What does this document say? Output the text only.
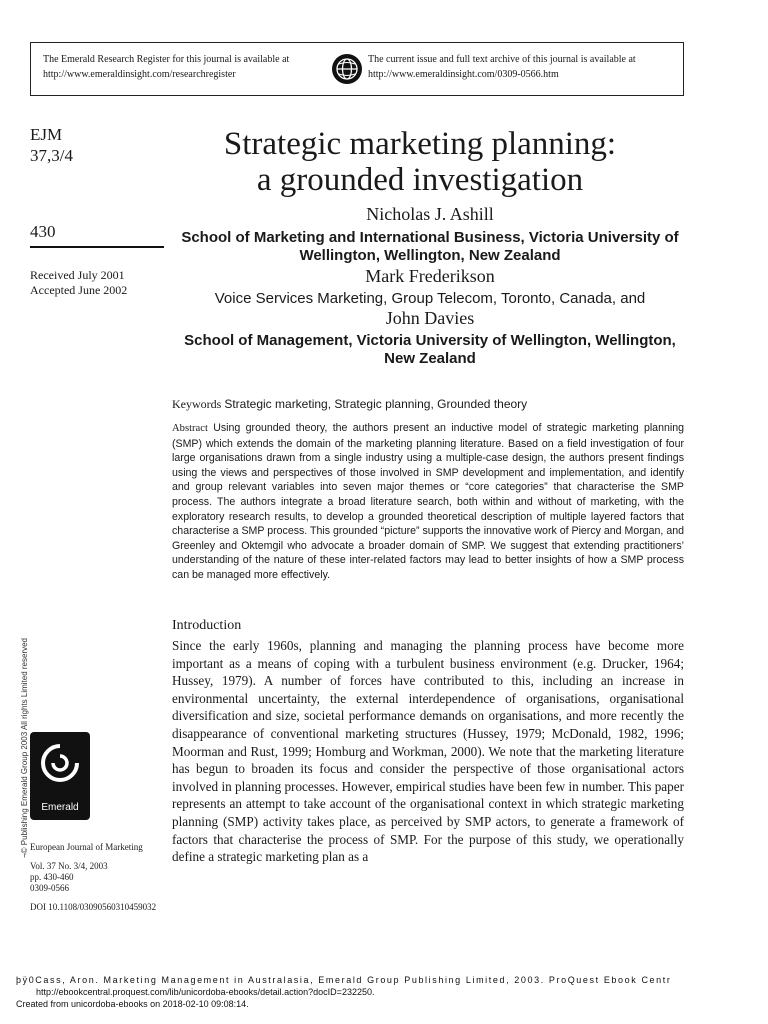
The Emerald Research Register for this journal is available at
http://www.emeraldinsight.com/researchregister
The current issue and full text archive of this journal is available at
http://www.emeraldinsight.com/0309-0566.htm
EJM
37,3/4
430
Received July 2001
Accepted June 2002
¬© Publishing Emerald Group 2003 All rights Limited reserved	Emerald
European Journal of Marketing
Vol. 37 No. 3/4, 2003
pp. 430-460
0309-0566
DOI 10.1108/03090560310459032
Strategic marketing planning:
a grounded investigation
Nicholas J. Ashill
School of Marketing and International Business, Victoria University of Wellington, Wellington, New Zealand
Mark Frederikson
Voice Services Marketing, Group Telecom, Toronto, Canada, and
John Davies
School of Management, Victoria University of Wellington, Wellington, New Zealand
Keywords Strategic marketing, Strategic planning, Grounded theory
Abstract Using grounded theory, the authors present an inductive model of strategic marketing planning (SMP) which extends the domain of the marketing planning literature. Based on a field investigation of four large organisations drawn from a single industry using a multiple-case design, the authors present findings using the views and perspectives of those involved in SMP development and implementation, and identify and group relevant variables into seven major themes or “core categories” that characterise the SMP process. The authors integrate a broad literature search, both within and without of marketing, with the exploratory research results, to develop a grounded theoretical description of multiple layered factors that characterise a SMP process. This grounded “picture” supports the innovative work of Piercy and Morgan, and Greenley and Oktemgil who advocate a broader domain of SMP. We suggest that extending practitioners’ understanding of the nature of these inter-related factors may lead to better insights of how a SMP process can be managed more effectively.
Introduction
Since the early 1960s, planning and managing the planning process have become more important as a means of coping with a turbulent business environment (e.g. Drucker, 1964; Hussey, 1979). A number of forces have contributed to this, including an increase in environmental uncertainty, the external interdependence of organisations, organisational diversification and size, societal performance demands on organisations, and more recently the disappearance of conventional marketing structures (Hussey, 1979; McDonald, 1982, 1996; Moorman and Rust, 1999; Homburg and Workman, 2000). We note that the marketing literature has begun to broaden its focus and consider the perspective of those organisational actors involved in planning processes. However, empirical studies have been few in number. This paper represents an attempt to take account of the organisational context in which strategic marketing planning (SMP) activity takes place, as perceived by SMP actors, to generate a framework of factors that characterise the process of SMP. For the purpose of this study, we operationally define a strategic marketing plan as a
þÿ0Cass, Aron. Marketing Management in Australasia, Emerald Group Publishing Limited, 2003. ProQuest Ebook Centr
http://ebookcentral.proquest.com/lib/unicordoba-ebooks/detail.action?docID=232250.
Created from unicordoba-ebooks on 2018-02-10 09:08:14.
